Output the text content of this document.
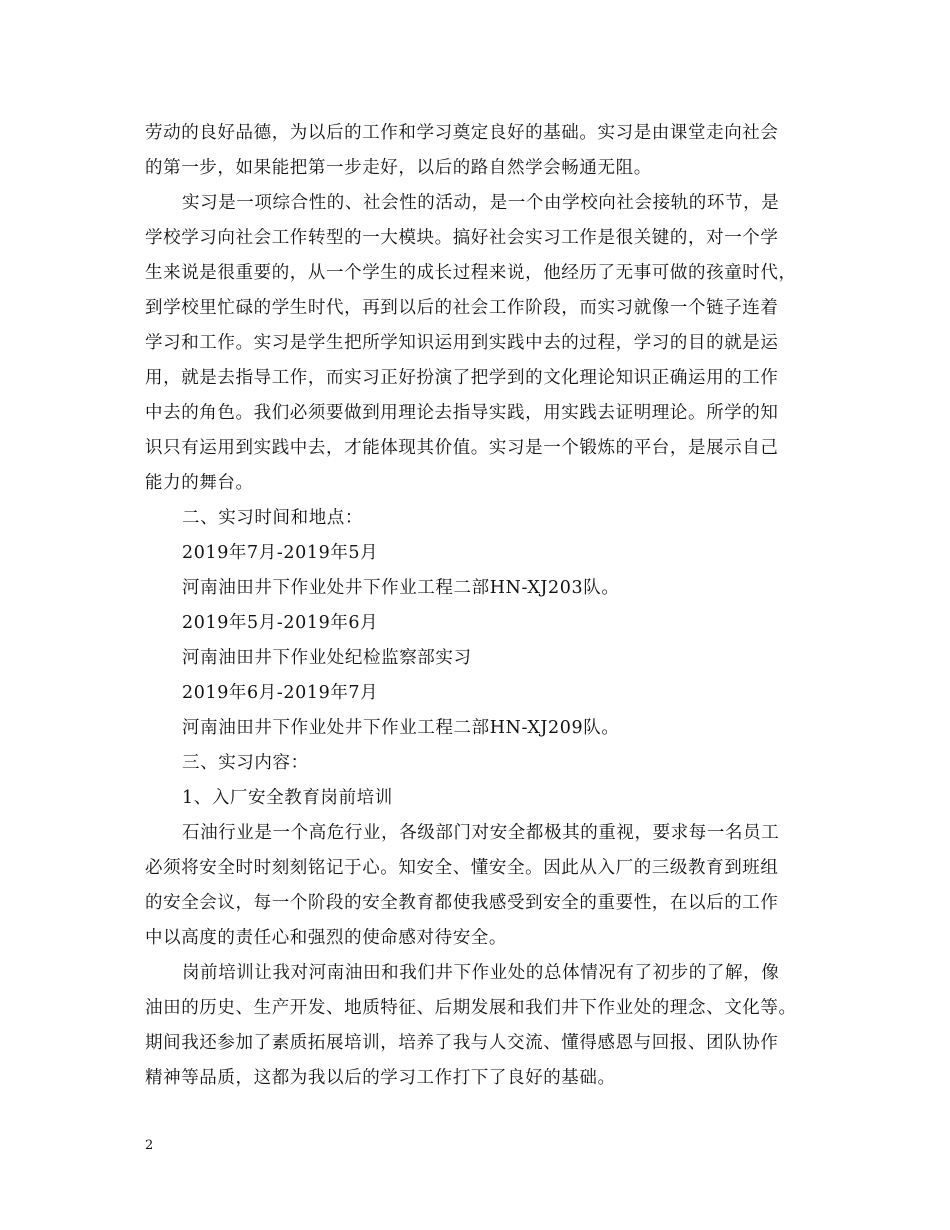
劳动的良好品德，为以后的工作和学习奠定良好的基础。实习是由课堂走向社会
的第一步，如果能把第一步走好，以后的路自然学会畅通无阻。
实习是一项综合性的、社会性的活动，是一个由学校向社会接轨的环节，是
学校学习向社会工作转型的一大模块。搞好社会实习工作是很关键的，对一个学
生来说是很重要的，从一个学生的成长过程来说，他经历了无事可做的孩童时代，
到学校里忙碌的学生时代，再到以后的社会工作阶段，而实习就像一个链子连着
学习和工作。实习是学生把所学知识运用到实践中去的过程，学习的目的就是运
用，就是去指导工作，而实习正好扮演了把学到的文化理论知识正确运用的工作
中去的角色。我们必须要做到用理论去指导实践，用实践去证明理论。所学的知
识只有运用到实践中去，才能体现其价值。实习是一个锻炼的平台，是展示自己
能力的舞台。
二、实习时间和地点：
2019年7月-2019年5月
河南油田井下作业处井下作业工程二部HN-XJ203队。
2019年5月-2019年6月
河南油田井下作业处纪检监察部实习
2019年6月-2019年7月
河南油田井下作业处井下作业工程二部HN-XJ209队。
三、实习内容：
1、入厂安全教育岗前培训
石油行业是一个高危行业，各级部门对安全都极其的重视，要求每一名员工
必须将安全时时刻刻铭记于心。知安全、懂安全。因此从入厂的三级教育到班组
的安全会议，每一个阶段的安全教育都使我感受到安全的重要性，在以后的工作
中以高度的责任心和强烈的使命感对待安全。
岗前培训让我对河南油田和我们井下作业处的总体情况有了初步的了解，像
油田的历史、生产开发、地质特征、后期发展和我们井下作业处的理念、文化等。
期间我还参加了素质拓展培训，培养了我与人交流、懂得感恩与回报、团队协作
精神等品质，这都为我以后的学习工作打下了良好的基础。
2
